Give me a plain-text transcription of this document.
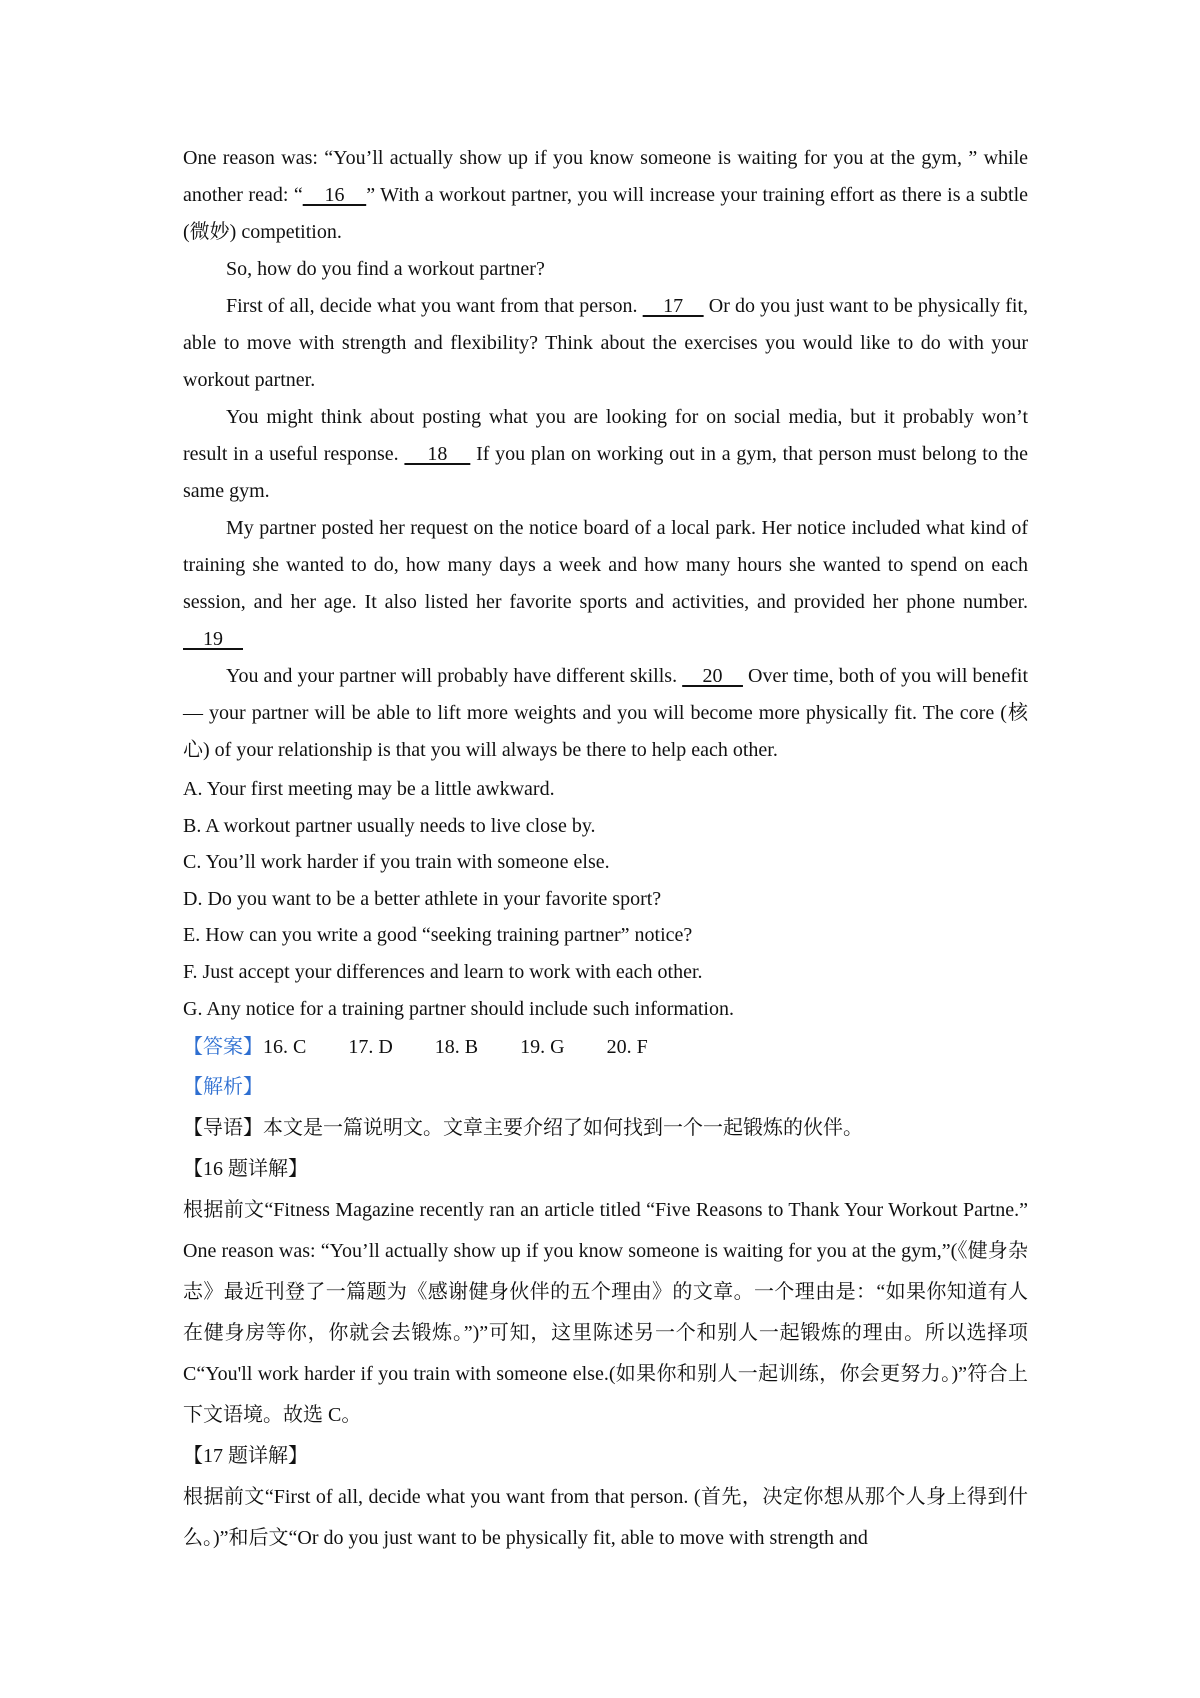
One reason was: “You’ll actually show up if you know someone is waiting for you at the gym, ” while another read: “    16    ” With a workout partner, you will increase your training effort as there is a subtle (微妙) competition.

So, how do you find a workout partner?

First of all, decide what you want from that person.     17     Or do you just want to be physically fit, able to move with strength and flexibility? Think about the exercises you would like to do with your workout partner.

You might think about posting what you are looking for on social media, but it probably won’t result in a useful response.     18     If you plan on working out in a gym, that person must belong to the same gym.

My partner posted her request on the notice board of a local park. Her notice included what kind of training she wanted to do, how many days a week and how many hours she wanted to spend on each session, and her age. It also listed her favorite sports and activities, and provided her phone number.     19

You and your partner will probably have different skills.     20     Over time, both of you will benefit — your partner will be able to lift more weights and you will become more physically fit. The core (核心) of your relationship is that you will always be there to help each other.

A. Your first meeting may be a little awkward.

B. A workout partner usually needs to live close by.

C. You’ll work harder if you train with someone else.

D. Do you want to be a better athlete in your favorite sport?

E. How can you write a good “seeking training partner” notice?

F. Just accept your differences and learn to work with each other.

G. Any notice for a training partner should include such information.

【答案】16. C 17. D 18. B 19. G 20. F

【解析】

【导语】本文是一篇说明文。文章主要介绍了如何找到一个一起锻炼的伙伴。

【16 题详解】

根据前文“Fitness Magazine recently ran an article titled “Five Reasons to Thank Your Workout Partne.” One reason was: “You’ll actually show up if you know someone is waiting for you at the gym,”(《健身杂志》最近刊登了一篇题为《感谢健身伙伴的五个理由》的文章。一个理由是：“如果你知道有人在健身房等你，你就会去锻炼。”)”可知，这里陈述另一个和别人一起锻炼的理由。所以选择项 C“You'll work harder if you train with someone else.(如果你和别人一起训练，你会更努力。)”符合上下文语境。故选 C。

【17 题详解】

根据前文“First of all, decide what you want from that person. (首先，决定你想从那个人身上得到什么。)”和后文“Or do you just want to be physically fit, able to move with strength and
